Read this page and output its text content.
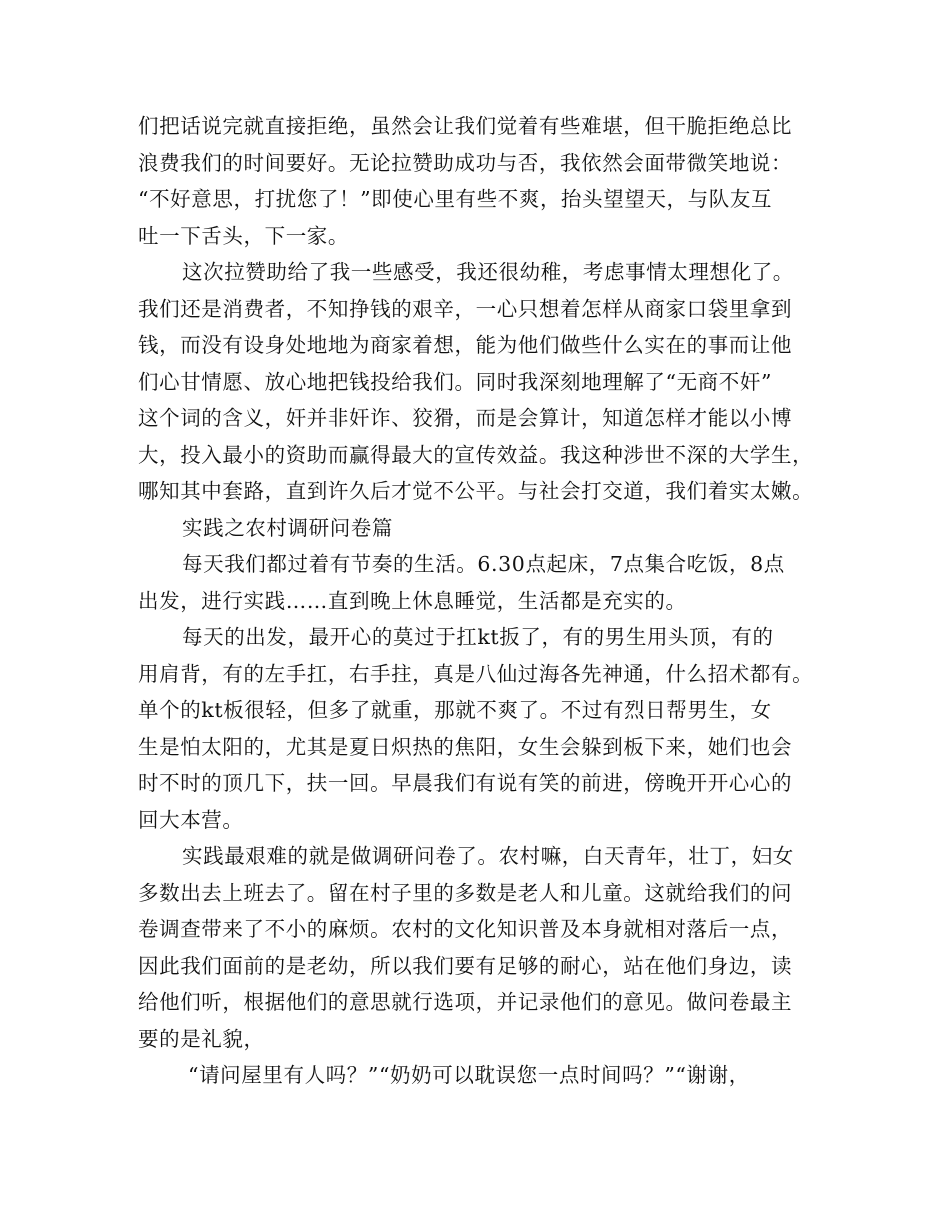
们把话说完就直接拒绝，虽然会让我们觉着有些难堪，但干脆拒绝总比
浪费我们的时间要好。无论拉赞助成功与否，我依然会面带微笑地说：
“不好意思，打扰您了！”即使心里有些不爽，抬头望望天，与队友互
吐一下舌头，下一家。
这次拉赞助给了我一些感受，我还很幼稚，考虑事情太理想化了。
我们还是消费者，不知挣钱的艰辛，一心只想着怎样从商家口袋里拿到
钱，而没有设身处地地为商家着想，能为他们做些什么实在的事而让他
们心甘情愿、放心地把钱投给我们。同时我深刻地理解了“无商不奸”
这个词的含义，奸并非奸诈、狡猾，而是会算计，知道怎样才能以小博
大，投入最小的资助而赢得最大的宣传效益。我这种涉世不深的大学生，
哪知其中套路，直到许久后才觉不公平。与社会打交道，我们着实太嫩。
实践之农村调研问卷篇
每天我们都过着有节奏的生活。6.30点起床，7点集合吃饭，8点
出发，进行实践……直到晚上休息睡觉，生活都是充实的。
每天的出发，最开心的莫过于扛kt扳了，有的男生用头顶，有的
用肩背，有的左手扛，右手拄，真是八仙过海各先神通，什么招术都有。
单个的kt板很轻，但多了就重，那就不爽了。不过有烈日帮男生，女
生是怕太阳的，尤其是夏日炽热的焦阳，女生会躲到板下来，她们也会
时不时的顶几下，扶一回。早晨我们有说有笑的前进，傍晚开开心心的
回大本营。
实践最艰难的就是做调研问卷了。农村嘛，白天青年，壮丁，妇女
多数出去上班去了。留在村子里的多数是老人和儿童。这就给我们的问
卷调查带来了不小的麻烦。农村的文化知识普及本身就相对落后一点，
因此我们面前的是老幼，所以我们要有足够的耐心，站在他们身边，读
给他们听，根据他们的意思就行选项，并记录他们的意见。做问卷最主
要的是礼貌，
“请问屋里有人吗？”“奶奶可以耽误您一点时间吗？”“谢谢，
